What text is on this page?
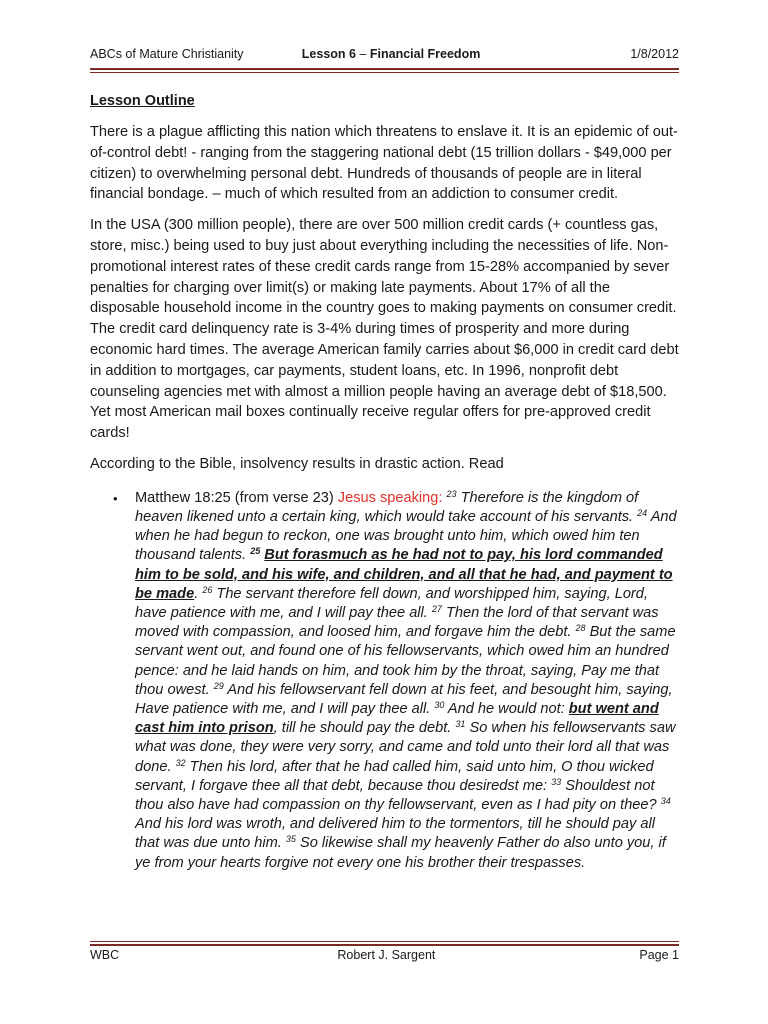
ABCs of Mature Christianity	Lesson 6 – Financial Freedom	1/8/2012
Lesson Outline

There is a plague afflicting this nation which threatens to enslave it. It is an epidemic of out-of-control debt! - ranging from the staggering national debt (15 trillion dollars - $49,000 per citizen) to overwhelming personal debt. Hundreds of thousands of people are in literal financial bondage. – much of which resulted from an addiction to consumer credit.

In the USA (300 million people), there are over 500 million credit cards (+ countless gas, store, misc.) being used to buy just about everything including the necessities of life. Non-promotional interest rates of these credit cards range from 15-28% accompanied by sever penalties for charging over limit(s) or making late payments. About 17% of all the disposable household income in the country goes to making payments on consumer credit. The credit card delinquency rate is 3-4% during times of prosperity and more during economic hard times. The average American family carries about $6,000 in credit card debt in addition to mortgages, car payments, student loans, etc. In 1996, nonprofit debt counseling agencies met with almost a million people having an average debt of $18,500. Yet most American mail boxes continually receive regular offers for pre-approved credit cards!

According to the Bible, insolvency results in drastic action. Read

• Matthew 18:25 (from verse 23) Jesus speaking: $^{23}$ Therefore is the kingdom of heaven likened unto a certain king, which would take account of his servants. $^{24}$ And when he had begun to reckon, one was brought unto him, which owed him ten thousand talents. $^{25}$ But forasmuch as he had not to pay, his lord commanded him to be sold, and his wife, and children, and all that he had, and payment to be made. $^{26}$ The servant therefore fell down, and worshipped him, saying, Lord, have patience with me, and I will pay thee all. $^{27}$ Then the lord of that servant was moved with compassion, and loosed him, and forgave him the debt. $^{28}$ But the same servant went out, and found one of his fellowservants, which owed him an hundred pence: and he laid hands on him, and took him by the throat, saying, Pay me that thou owest. $^{29}$ And his fellowservant fell down at his feet, and besought him, saying, Have patience with me, and I will pay thee all. $^{30}$ And he would not: but went and cast him into prison, till he should pay the debt. $^{31}$ So when his fellowservants saw what was done, they were very sorry, and came and told unto their lord all that was done. $^{32}$ Then his lord, after that he had called him, said unto him, O thou wicked servant, I forgave thee all that debt, because thou desiredst me: $^{33}$ Shouldest not thou also have had compassion on thy fellowservant, even as I had pity on thee? $^{34}$ And his lord was wroth, and delivered him to the tormentors, till he should pay all that was due unto him. $^{35}$ So likewise shall my heavenly Father do also unto you, if ye from your hearts forgive not every one his brother their trespasses.
WBC	Robert J. Sargent	Page 1
